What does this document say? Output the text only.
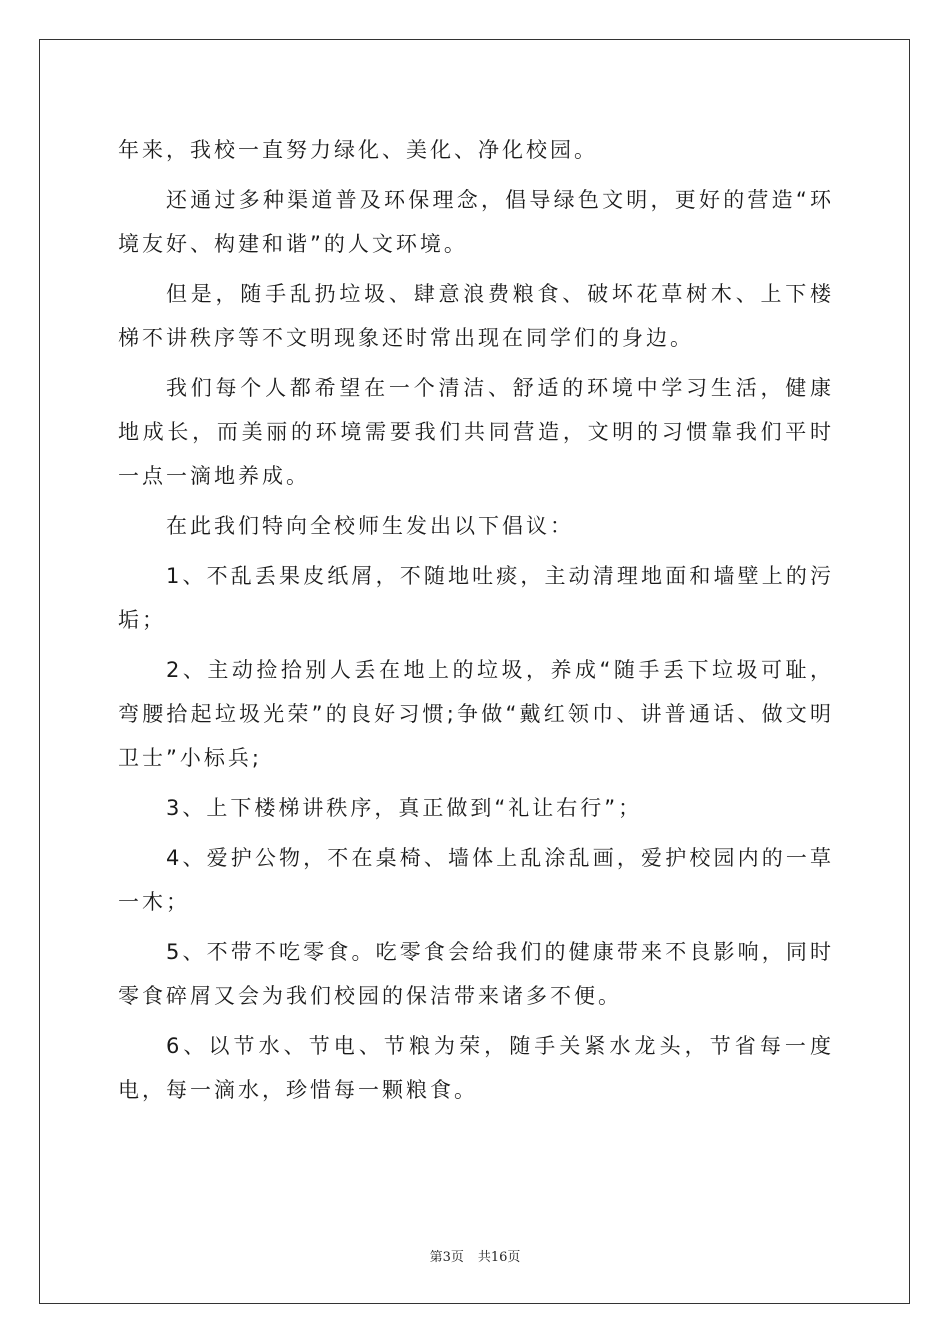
年来，我校一直努力绿化、美化、净化校园。

还通过多种渠道普及环保理念，倡导绿色文明，更好的营造“环境友好、构建和谐”的人文环境。

但是，随手乱扔垃圾、肆意浪费粮食、破坏花草树木、上下楼梯不讲秩序等不文明现象还时常出现在同学们的身边。

我们每个人都希望在一个清洁、舒适的环境中学习生活，健康地成长，而美丽的环境需要我们共同营造，文明的习惯靠我们平时一点一滴地养成。

在此我们特向全校师生发出以下倡议：

1、不乱丢果皮纸屑，不随地吐痰，主动清理地面和墙壁上的污垢；

2、主动捡拾别人丢在地上的垃圾，养成“随手丢下垃圾可耻，弯腰拾起垃圾光荣”的良好习惯;争做“戴红领巾、讲普通话、做文明卫士”小标兵;

3、上下楼梯讲秩序，真正做到“礼让右行”；

4、爱护公物，不在桌椅、墙体上乱涂乱画，爱护校园内的一草一木；

5、不带不吃零食。吃零食会给我们的健康带来不良影响，同时零食碎屑又会为我们校园的保洁带来诸多不便。

6、以节水、节电、节粮为荣，随手关紧水龙头，节省每一度电，每一滴水，珍惜每一颗粮食。

第3页 共16页
